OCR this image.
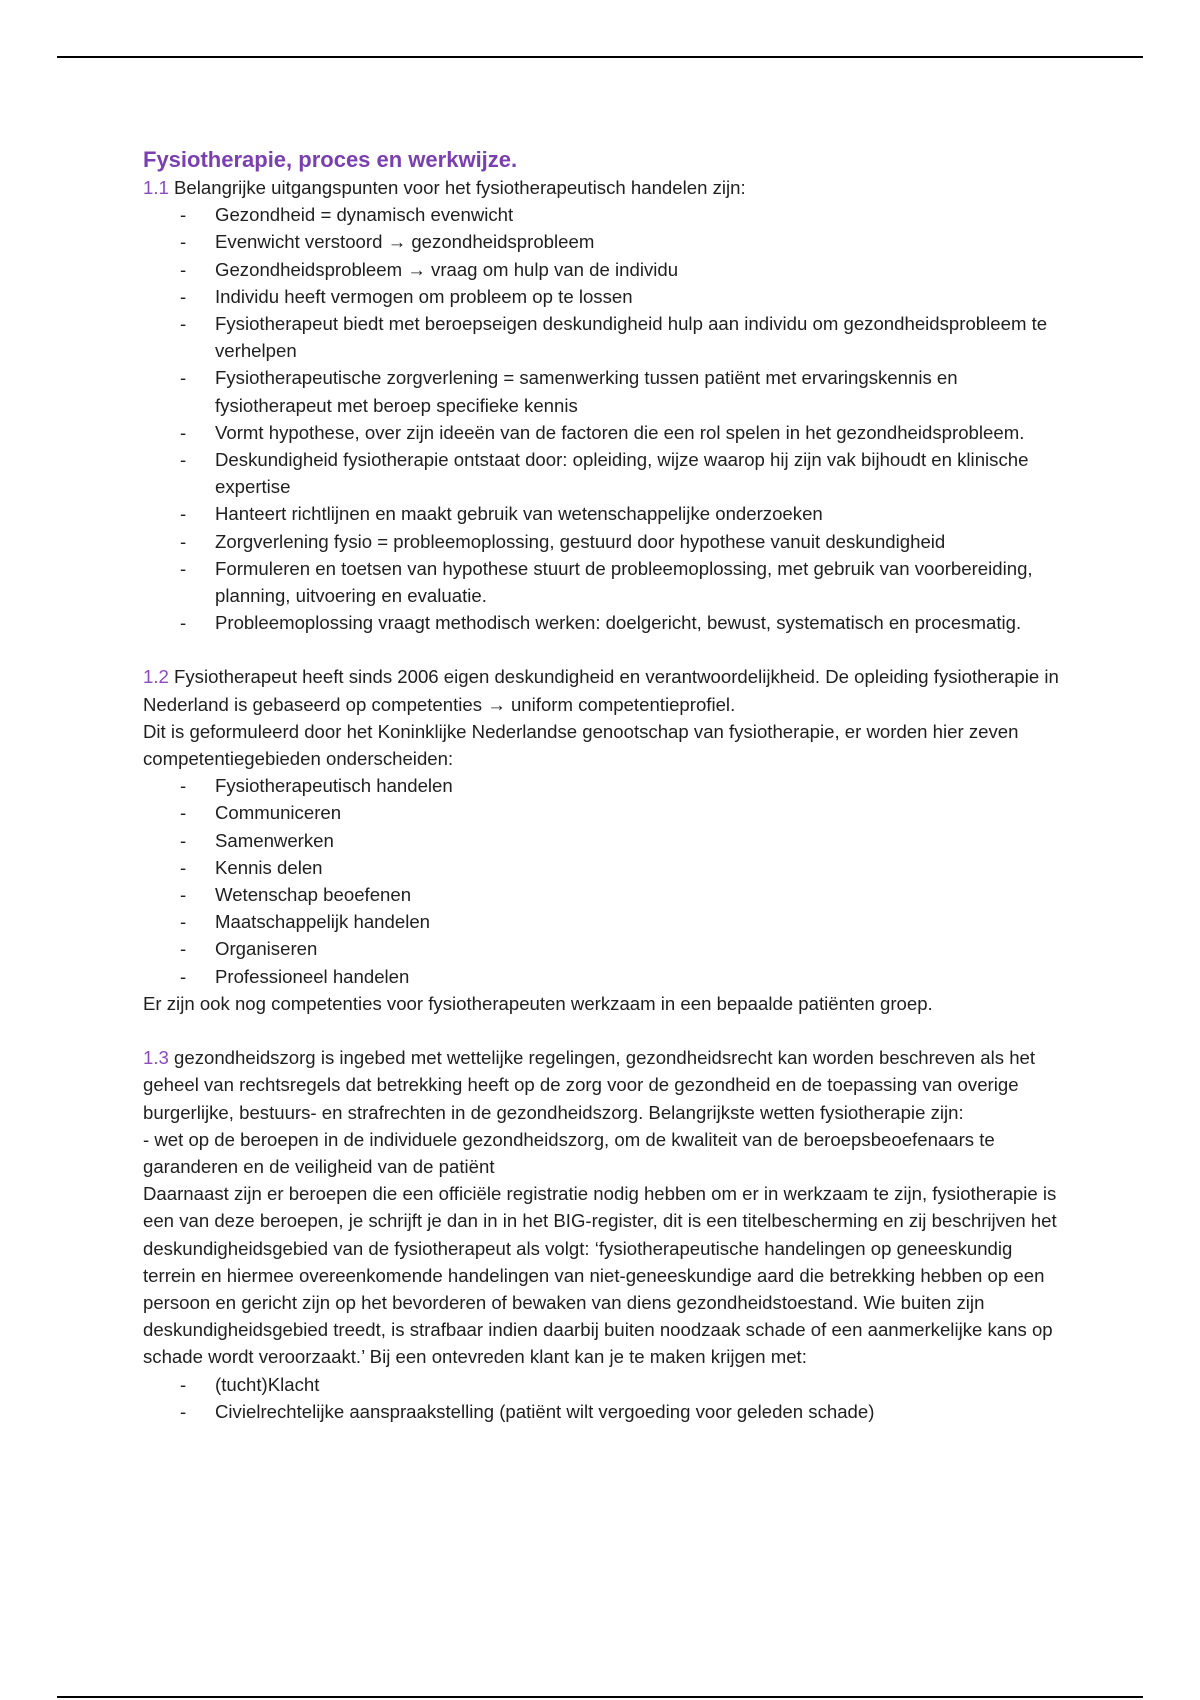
Fysiotherapie, proces en werkwijze.

1.1 Belangrijke uitgangspunten voor het fysiotherapeutisch handelen zijn:

- Gezondheid = dynamisch evenwicht
- Evenwicht verstoord → gezondheidsprobleem
- Gezondheidsprobleem → vraag om hulp van de individu
- Individu heeft vermogen om probleem op te lossen
- Fysiotherapeut biedt met beroepseigen deskundigheid hulp aan individu om gezondheidsprobleem te verhelpen
- Fysiotherapeutische zorgverlening = samenwerking tussen patiënt met ervaringskennis en fysiotherapeut met beroep specifieke kennis
- Vormt hypothese, over zijn ideeën van de factoren die een rol spelen in het gezondheidsprobleem.
- Deskundigheid fysiotherapie ontstaat door: opleiding, wijze waarop hij zijn vak bijhoudt en klinische expertise
- Hanteert richtlijnen en maakt gebruik van wetenschappelijke onderzoeken
- Zorgverlening fysio = probleemoplossing, gestuurd door hypothese vanuit deskundigheid
- Formuleren en toetsen van hypothese stuurt de probleemoplossing, met gebruik van voorbereiding, planning, uitvoering en evaluatie.
- Probleemoplossing vraagt methodisch werken: doelgericht, bewust, systematisch en procesmatig.

1.2 Fysiotherapeut heeft sinds 2006 eigen deskundigheid en verantwoordelijkheid. De opleiding fysiotherapie in Nederland is gebaseerd op competenties → uniform competentieprofiel.

Dit is geformuleerd door het Koninklijke Nederlandse genootschap van fysiotherapie, er worden hier zeven competentiegebieden onderscheiden:

- Fysiotherapeutisch handelen
- Communiceren
- Samenwerken
- Kennis delen
- Wetenschap beoefenen
- Maatschappelijk handelen
- Organiseren
- Professioneel handelen

Er zijn ook nog competenties voor fysiotherapeuten werkzaam in een bepaalde patiënten groep.

1.3 gezondheidszorg is ingebed met wettelijke regelingen, gezondheidsrecht kan worden beschreven als het geheel van rechtsregels dat betrekking heeft op de zorg voor de gezondheid en de toepassing van overige burgerlijke, bestuurs- en strafrechten in de gezondheidszorg. Belangrijkste wetten fysiotherapie zijn:

- wet op de beroepen in de individuele gezondheidszorg, om de kwaliteit van de beroepsbeoefenaars te garanderen en de veiligheid van de patiënt

Daarnaast zijn er beroepen die een officiële registratie nodig hebben om er in werkzaam te zijn, fysiotherapie is een van deze beroepen, je schrijft je dan in in het BIG-register, dit is een titelbescherming en zij beschrijven het deskundigheidsgebied van de fysiotherapeut als volgt: ‘fysiotherapeutische handelingen op geneeskundig terrein en hiermee overeenkomende handelingen van niet-geneeskundige aard die betrekking hebben op een persoon en gericht zijn op het bevorderen of bewaken van diens gezondheidstoestand. Wie buiten zijn deskundigheidsgebied treedt, is strafbaar indien daarbij buiten noodzaak schade of een aanmerkelijke kans op schade wordt veroorzaakt.’ Bij een ontevreden klant kan je te maken krijgen met:

- (tucht)Klacht
- Civielrechtelijke aanspraakstelling (patiënt wilt vergoeding voor geleden schade)
